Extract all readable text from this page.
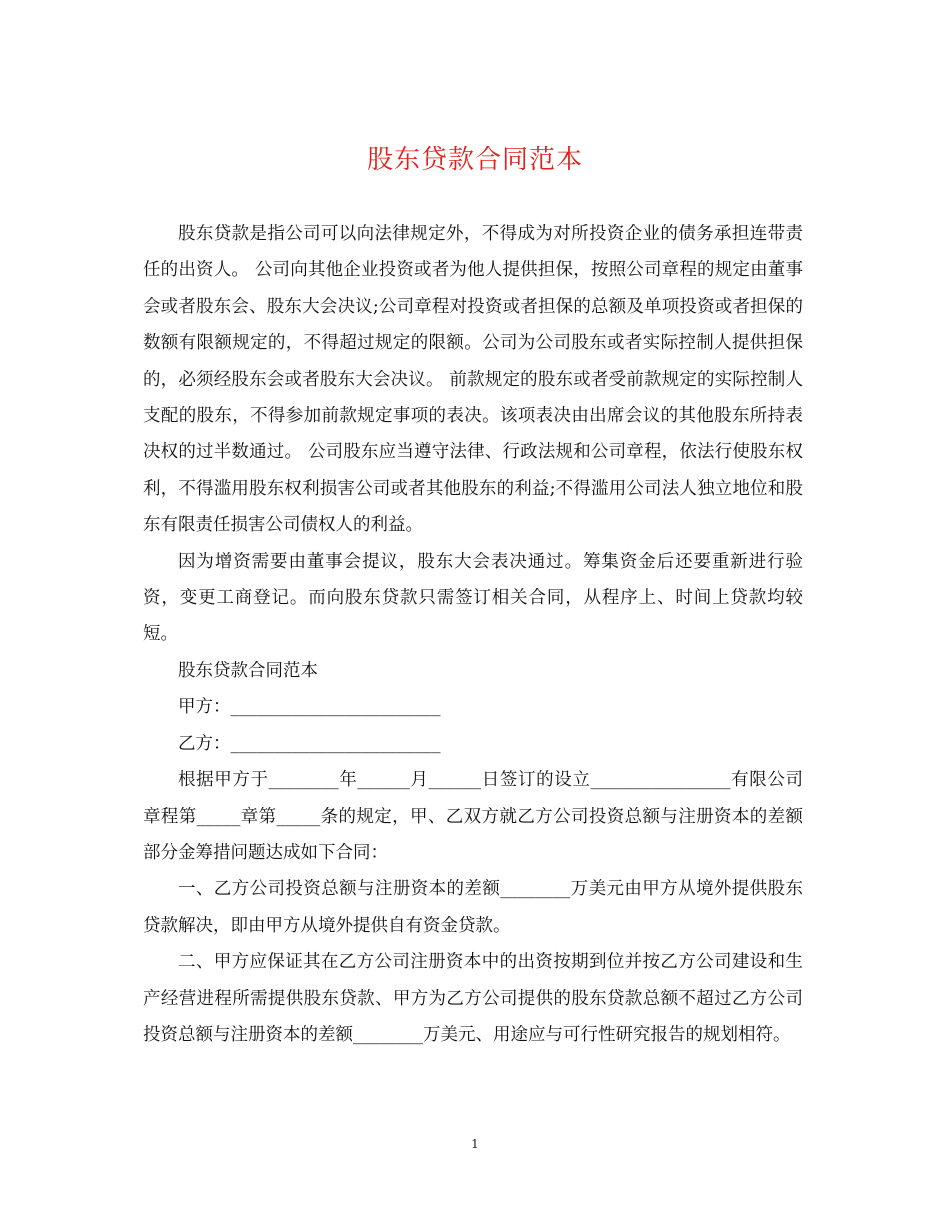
股东贷款合同范本

股东贷款是指公司可以向法律规定外，不得成为对所投资企业的债务承担连带责任的出资人。 公司向其他企业投资或者为他人提供担保，按照公司章程的规定由董事会或者股东会、股东大会决议;公司章程对投资或者担保的总额及单项投资或者担保的数额有限额规定的，不得超过规定的限额。公司为公司股东或者实际控制人提供担保的，必须经股东会或者股东大会决议。 前款规定的股东或者受前款规定的实际控制人支配的股东，不得参加前款规定事项的表决。该项表决由出席会议的其他股东所持表决权的过半数通过。 公司股东应当遵守法律、行政法规和公司章程，依法行使股东权利，不得滥用股东权利损害公司或者其他股东的利益;不得滥用公司法人独立地位和股东有限责任损害公司债权人的利益。

因为增资需要由董事会提议，股东大会表决通过。筹集资金后还要重新进行验资，变更工商登记。而向股东贷款只需签订相关合同，从程序上、时间上贷款均较短。

股东贷款合同范本

甲方：________________________

乙方：________________________

根据甲方于________年______月______日签订的设立________________有限公司章程第_____章第_____条的规定，甲、乙双方就乙方公司投资总额与注册资本的差额部分金筹措问题达成如下合同：

一、乙方公司投资总额与注册资本的差额________万美元由甲方从境外提供股东贷款解决，即由甲方从境外提供自有资金贷款。

二、甲方应保证其在乙方公司注册资本中的出资按期到位并按乙方公司建设和生产经营进程所需提供股东贷款、甲方为乙方公司提供的股东贷款总额不超过乙方公司投资总额与注册资本的差额________万美元、用途应与可行性研究报告的规划相符。

1
